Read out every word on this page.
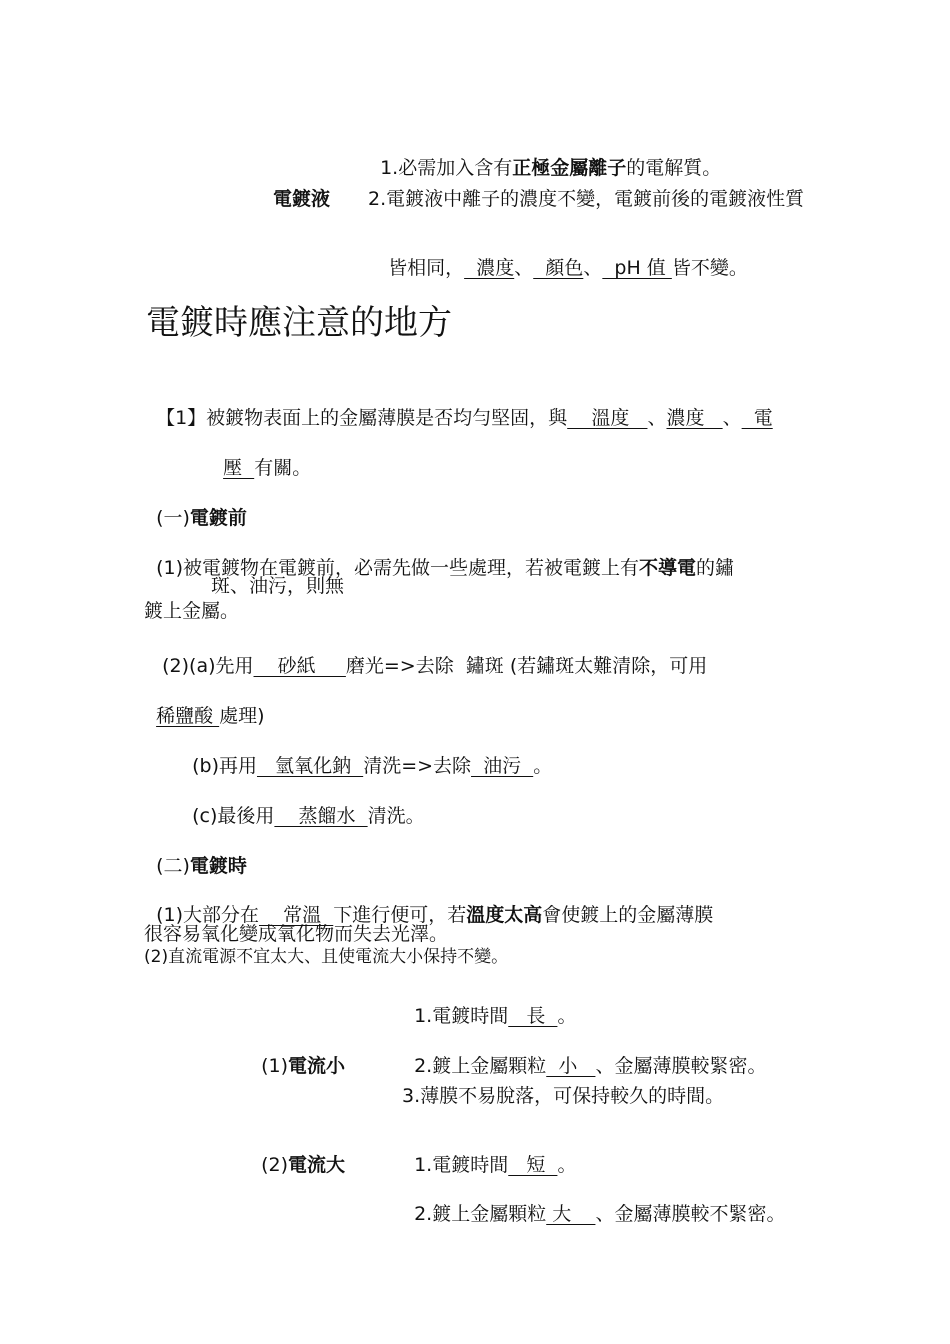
1.必需加入含有正極金屬離子的電解質。

電鍍液 2.電鍍液中離子的濃度不變，電鍍前後的電鍍液性質

皆相同，  濃度、  顏色、  pH 值 皆不變。

電鍍時應注意的地方

【1】被鍍物表面上的金屬薄膜是否均勻堅固，與    溫度   、濃度   、  電

壓  有關。

(一)電鍍前

(1)被電鍍物在電鍍前，必需先做一些處理，若被電鍍上有不導電的鏽

斑、油污，則無
鍍上金屬。

(2)(a)先用    砂紙     磨光=>去除  鏽斑 (若鏽斑太難清除，可用

稀鹽酸 處理)

(b)再用   氫氧化鈉  清洗=>去除  油污  。

(c)最後用    蒸餾水  清洗。

(二)電鍍時

(1)大部分在    常溫  下進行便可，若溫度太高會使鍍上的金屬薄膜

很容易氧化變成氧化物而失去光澤。
(2)直流電源不宜太大、且使電流大小保持不變。

(1)電流小

1.電鍍時間   長  。

2.鍍上金屬顆粒  小   、金屬薄膜較緊密。

3.薄膜不易脫落，可保持較久的時間。

(2)電流大	1.電鍍時間   短  。

2.鍍上金屬顆粒 大    、金屬薄膜較不緊密。
